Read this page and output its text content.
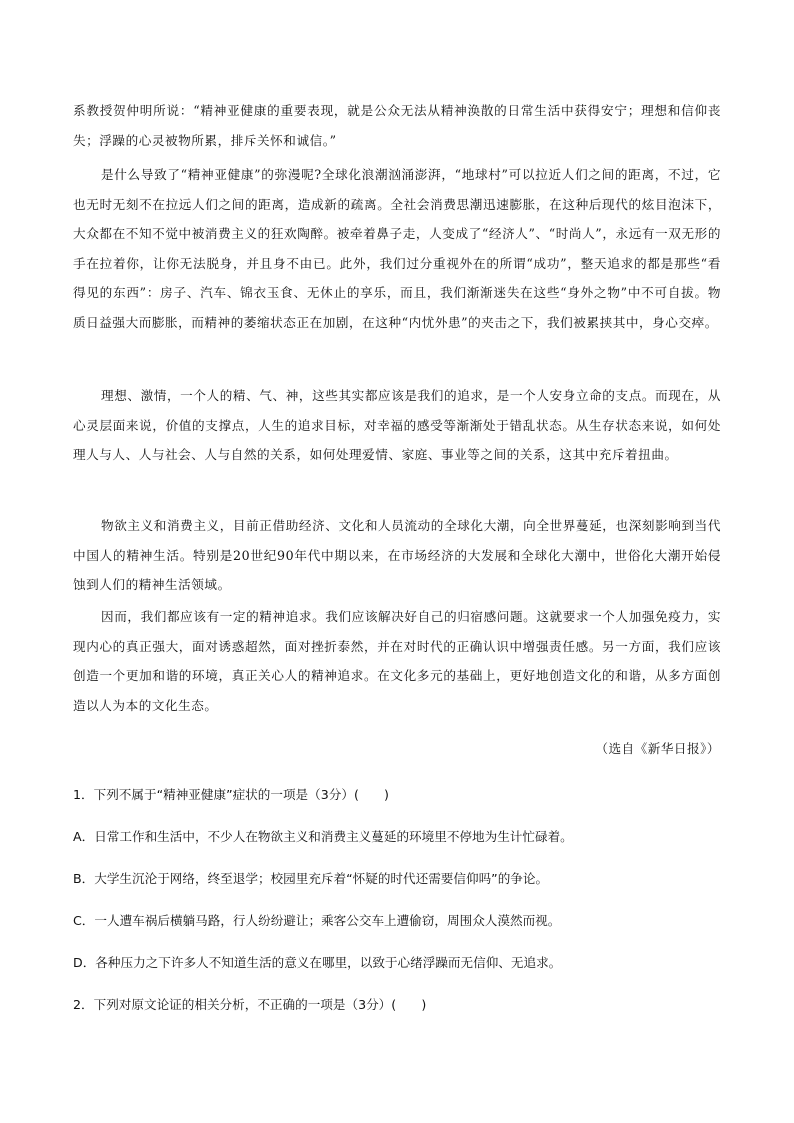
系教授贺仲明所说：“精神亚健康的重要表现，就是公众无法从精神涣散的日常生活中获得安宁；理想和信仰丧失；浮躁的心灵被物所累，排斥关怀和诚信。”

是什么导致了“精神亚健康”的弥漫呢?全球化浪潮汹涌澎湃，“地球村”可以拉近人们之间的距离，不过，它也无时无刻不在拉远人们之间的距离，造成新的疏离。全社会消费思潮迅速膨胀，在这种后现代的炫目泡沫下，大众都在不知不觉中被消费主义的狂欢陶醉。被牵着鼻子走，人变成了“经济人”、“时尚人”，永远有一双无形的手在拉着你，让你无法脱身，并且身不由已。此外，我们过分重视外在的所谓“成功”，整天追求的都是那些“看得见的东西”：房子、汽车、锦衣玉食、无休止的享乐，而且，我们渐渐迷失在这些“身外之物”中不可自拔。物质日益强大而膨胀，而精神的萎缩状态正在加剧，在这种“内忧外患”的夹击之下，我们被累挟其中，身心交瘁。

理想、激情，一个人的精、气、神，这些其实都应该是我们的追求，是一个人安身立命的支点。而现在，从心灵层面来说，价值的支撑点，人生的追求目标，对幸福的感受等渐渐处于错乱状态。从生存状态来说，如何处理人与人、人与社会、人与自然的关系，如何处理爱情、家庭、事业等之间的关系，这其中充斥着扭曲。

物欲主义和消费主义，目前正借助经济、文化和人员流动的全球化大潮，向全世界蔓延，也深刻影响到当代中国人的精神生活。特别是20世纪90年代中期以来，在市场经济的大发展和全球化大潮中，世俗化大潮开始侵蚀到人们的精神生活领域。

因而，我们都应该有一定的精神追求。我们应该解决好自己的归宿感问题。这就要求一个人加强免疫力，实现内心的真正强大，面对诱惑超然，面对挫折泰然，并在对时代的正确认识中增强责任感。另一方面，我们应该创造一个更加和谐的环境，真正关心人的精神追求。在文化多元的基础上，更好地创造文化的和谐，从多方面创造以人为本的文化生态。

（选自《新华日报》）

1．下列不属于“精神亚健康”症状的一项是（3分）(　　)

A．日常工作和生活中，不少人在物欲主义和消费主义蔓延的环境里不停地为生计忙碌着。

B．大学生沉沦于网络，终至退学；校园里充斥着“怀疑的时代还需要信仰吗”的争论。

C．一人遭车祸后横躺马路，行人纷纷避让；乘客公交车上遭偷窃，周围众人漠然而视。

D．各种压力之下许多人不知道生活的意义在哪里，以致于心绪浮躁而无信仰、无追求。

2．下列对原文论证的相关分析，不正确的一项是（3分）(　　)
